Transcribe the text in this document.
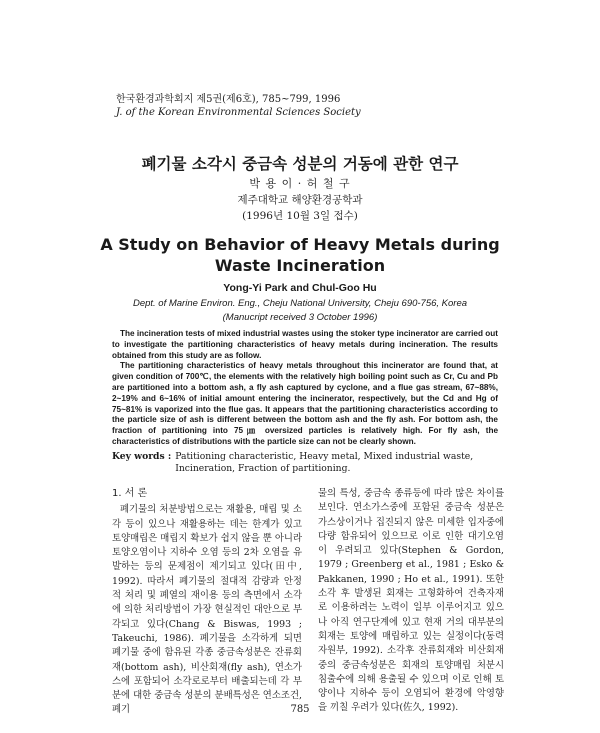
한국환경과학회지 제5권(제6호), 785~799, 1996
J. of the Korean Environmental Sciences Society
폐기물 소각시 중금속 성분의 거동에 관한 연구
박 용 이 · 허 철 구
제주대학교 해양환경공학과
(1996년 10월 3일 접수)
A Study on Behavior of Heavy Metals during
Waste Incineration
Yong-Yi Park and Chul-Goo Hu
Dept. of Marine Environ. Eng., Cheju National University, Cheju 690-756, Korea
(Manucript received 3 October 1996)

The incineration tests of mixed industrial wastes using the stoker type incinerator are carried out to investigate the partitioning characteristics of heavy metals during incineration. The results obtained from this study are as follow.

The partitioning characteristics of heavy metals throughout this incinerator are found that, at given condition of 700℃, the elements with the relatively high boiling point such as Cr, Cu and Pb are partitioned into a bottom ash, a fly ash captured by cyclone, and a flue gas stream, 67~88%, 2~19% and 6~16% of initial amount entering the incinerator, respectively, but the Cd and Hg of 75~81% is vaporized into the flue gas. It appears that the partitioning characteristics according to the particle size of ash is different between the bottom ash and the fly ash. For bottom ash, the fraction of partitioning into 75㎛ oversized particles is relatively high. For fly ash, the characteristics of distributions with the particle size can not be clearly shown.

Key words : Patitioning characteristic, Heavy metal, Mixed industrial waste, Incineration, Fraction of partitioning.
1. 서 론

폐기물의 처분방법으로는 재활용, 매립 및 소각 등이 있으나 재활용하는 데는 한계가 있고 토양매립은 매립지 확보가 쉽지 않을 뿐 아니라 토양오염이나 지하수 오염 등의 2차 오염을 유발하는 등의 문제점이 제기되고 있다(田中, 1992). 따라서 폐기물의 절대적 감량과 안정적 처리 및 폐열의 재이용 등의 측면에서 소각에 의한 처리방법이 가장 현실적인 대안으로 부각되고 있다(Chang & Biswas, 1993 ; Takeuchi, 1986). 폐기물을 소각하게 되면 폐기물 중에 함유된 각종 중금속성분은 잔류회재(bottom ash), 비산회재(fly ash), 연소가스에 포함되어 소각로로부터 배출되는데 각 부분에 대한 중금속 성분의 분배특성은 연소조건, 폐기

물의 특성, 중금속 종류등에 따라 많은 차이를 보인다. 연소가스중에 포함된 중금속 성분은 가스상이거나 집진되지 않은 미세한 입자중에 다량 함유되어 있으므로 이로 인한 대기오염이 우려되고 있다(Stephen & Gordon, 1979 ; Greenberg et al., 1981 ; Esko & Pakkanen, 1990 ; Ho et al., 1991). 또한 소각 후 발생된 회재는 고형화하여 건축자재로 이용하려는 노력이 일부 이루어지고 있으나 아직 연구단계에 있고 현재 거의 대부분의 회재는 토양에 매립하고 있는 실정이다(동력자원부, 1992). 소각후 잔류회재와 비산회재중의 중금속성분은 회재의 토양매립 처분시 침출수에 의해 용출될 수 있으며 이로 인해 토양이나 지하수 등이 오염되어 환경에 악영향을 끼칠 우려가 있다(佐久, 1992).

785
